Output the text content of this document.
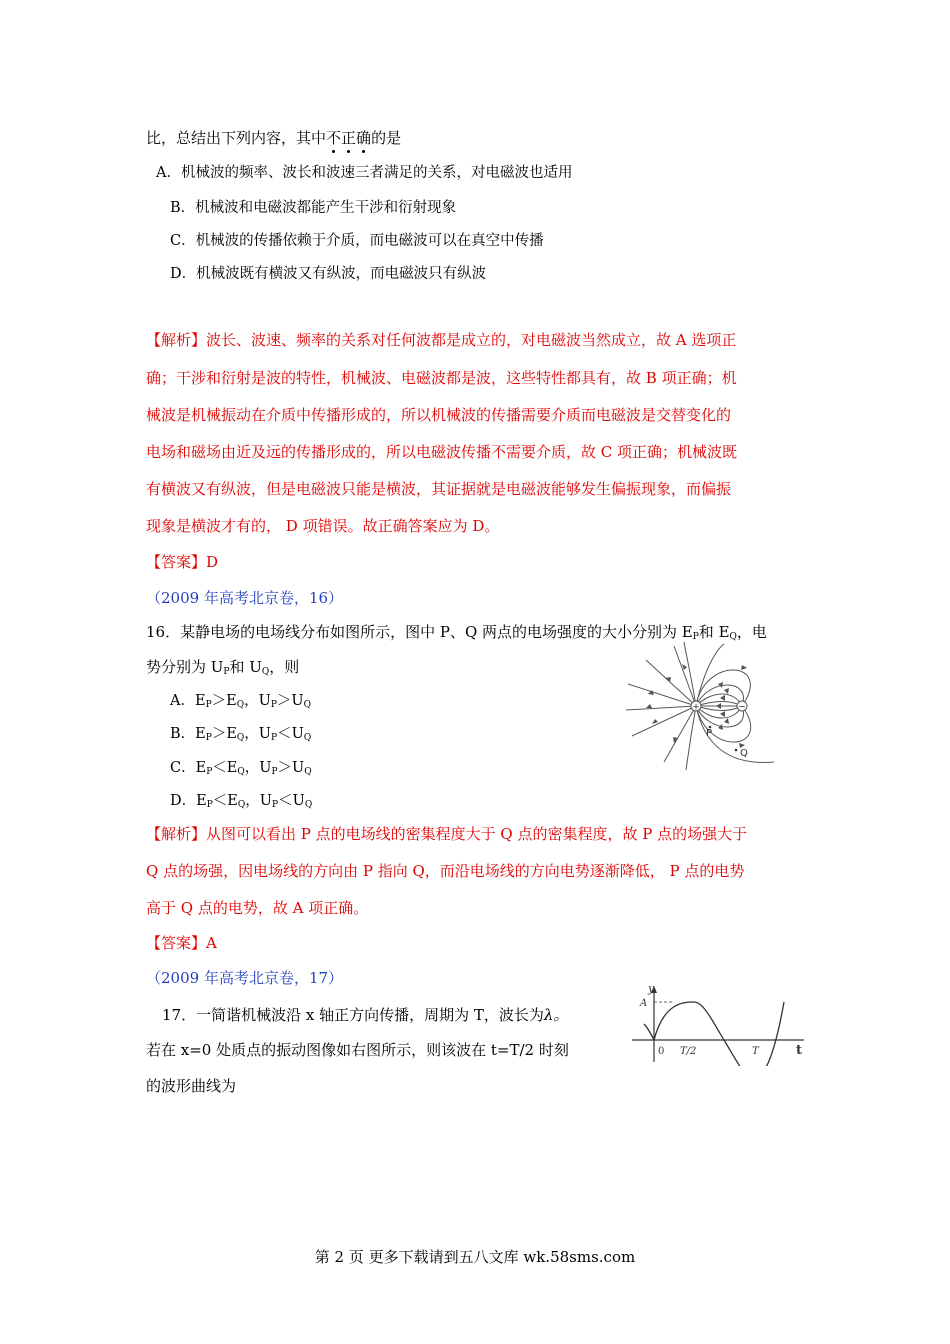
比，总结出下列内容，其中不正确的是
A．机械波的频率、波长和波速三者满足的关系，对电磁波也适用
B．机械波和电磁波都能产生干涉和衍射现象
C．机械波的传播依赖于介质，而电磁波可以在真空中传播
D．机械波既有横波又有纵波，而电磁波只有纵波
【解析】波长、波速、频率的关系对任何波都是成立的，对电磁波当然成立，故 A 选项正
确；干涉和衍射是波的特性，机械波、电磁波都是波，这些特性都具有，故 B 项正确；机
械波是机械振动在介质中传播形成的，所以机械波的传播需要介质而电磁波是交替变化的
电场和磁场由近及远的传播形成的，所以电磁波传播不需要介质，故 C 项正确；机械波既
有横波又有纵波，但是电磁波只能是横波，其证据就是电磁波能够发生偏振现象，而偏振
现象是横波才有的， D 项错误。故正确答案应为 D。
【答案】D
（2009 年高考北京卷，16）
16．某静电场的电场线分布如图所示，图中 P、Q 两点的电场强度的大小分别为 $E_P$和 $E_Q$，电
势分别为 $U_P$和 $U_Q$，则
A．$E_P>E_Q$，$U_P>U_Q$
B．$E_P>E_Q$，$U_P<U_Q$
C．$E_P<E_Q$，$U_P>U_Q$
D．$E_P<E_Q$，$U_P<U_Q$
+	−
P
Q
【解析】从图可以看出 P 点的电场线的密集程度大于 Q 点的密集程度，故 P 点的场强大于
Q 点的场强，因电场线的方向由 P 指向 Q，而沿电场线的方向电势逐渐降低， P 点的电势
高于 Q 点的电势，故 A 项正确。
【答案】A
（2009 年高考北京卷，17）
17．一简谐机械波沿 x 轴正方向传播，周期为 T，波长为λ。
若在 x=0 处质点的振动图像如右图所示，则该波在 t=T/2 时刻
的波形曲线为
y
A
0 T/2	T	t
第 2 页 更多下载请到五八文库 wk.58sms.com
